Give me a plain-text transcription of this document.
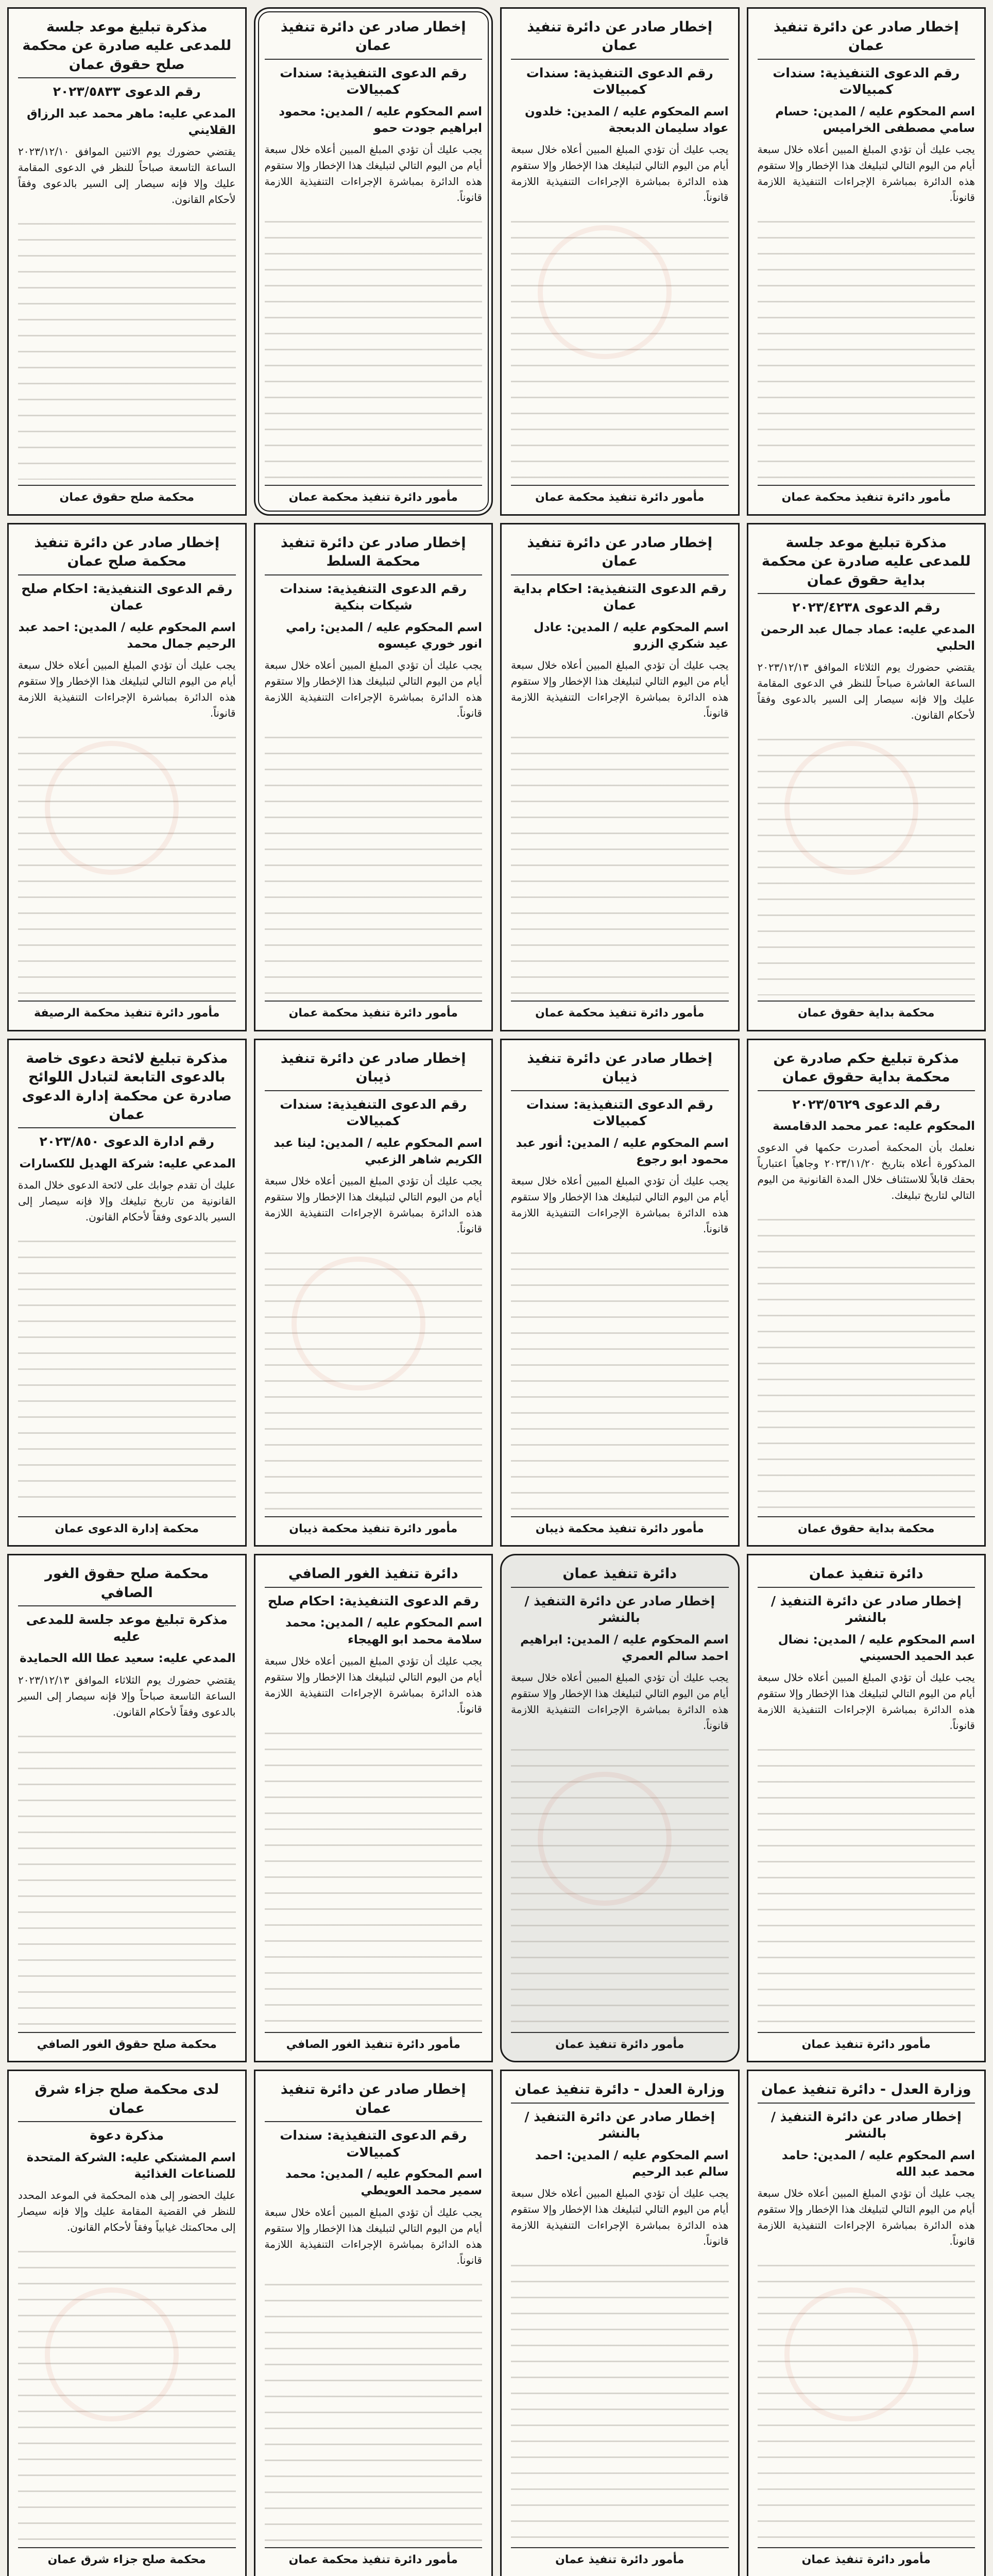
إخطار صادر عن دائرة تنفيذ عمان
رقم الدعوى التنفيذية: سندات كمبيالات
اسم المحكوم عليه / المدين: حسام سامي مصطفى الخراميس

يجب عليك أن تؤدي المبلغ المبين أعلاه خلال سبعة أيام من اليوم التالي لتبليغك هذا الإخطار وإلا ستقوم هذه الدائرة بمباشرة الإجراءات التنفيذية اللازمة قانوناً.

مأمور دائرة تنفيذ محكمة عمان
إخطار صادر عن دائرة تنفيذ عمان
رقم الدعوى التنفيذية: سندات كمبيالات
اسم المحكوم عليه / المدين: خلدون عواد سليمان الدبعجة

يجب عليك أن تؤدي المبلغ المبين أعلاه خلال سبعة أيام من اليوم التالي لتبليغك هذا الإخطار وإلا ستقوم هذه الدائرة بمباشرة الإجراءات التنفيذية اللازمة قانوناً.

مأمور دائرة تنفيذ محكمة عمان
إخطار صادر عن دائرة تنفيذ عمان
رقم الدعوى التنفيذية: سندات كمبيالات
اسم المحكوم عليه / المدين: محمود ابراهيم جودت حمو

يجب عليك أن تؤدي المبلغ المبين أعلاه خلال سبعة أيام من اليوم التالي لتبليغك هذا الإخطار وإلا ستقوم هذه الدائرة بمباشرة الإجراءات التنفيذية اللازمة قانوناً.

مأمور دائرة تنفيذ محكمة عمان
مذكرة تبليغ موعد جلسة للمدعى عليه صادرة عن محكمة صلح حقوق عمان
رقم الدعوى ٢٠٢٣/٥٨٣٣
المدعي عليه: ماهر محمد عبد الرزاق القلايني

يقتضي حضورك يوم الاثنين الموافق ٢٠٢٣/١٢/١٠ الساعة التاسعة صباحاً للنظر في الدعوى المقامة عليك وإلا فإنه سيصار إلى السير بالدعوى وفقاً لأحكام القانون.

محكمة صلح حقوق عمان
مذكرة تبليغ موعد جلسة للمدعى عليه صادرة عن محكمة بداية حقوق عمان
رقم الدعوى ٢٠٢٣/٤٢٣٨
المدعي عليه: عماد جمال عبد الرحمن الحلبي

يقتضي حضورك يوم الثلاثاء الموافق ٢٠٢٣/١٢/١٣ الساعة العاشرة صباحاً للنظر في الدعوى المقامة عليك وإلا فإنه سيصار إلى السير بالدعوى وفقاً لأحكام القانون.

محكمة بداية حقوق عمان
إخطار صادر عن دائرة تنفيذ عمان
رقم الدعوى التنفيذية: احكام بداية عمان
اسم المحكوم عليه / المدين: عادل عيد شكري الزرو

يجب عليك أن تؤدي المبلغ المبين أعلاه خلال سبعة أيام من اليوم التالي لتبليغك هذا الإخطار وإلا ستقوم هذه الدائرة بمباشرة الإجراءات التنفيذية اللازمة قانوناً.

مأمور دائرة تنفيذ محكمة عمان
إخطار صادر عن دائرة تنفيذ محكمة السلط
رقم الدعوى التنفيذية: سندات شيكات بنكية
اسم المحكوم عليه / المدين: رامي انور خوري عيسوه

يجب عليك أن تؤدي المبلغ المبين أعلاه خلال سبعة أيام من اليوم التالي لتبليغك هذا الإخطار وإلا ستقوم هذه الدائرة بمباشرة الإجراءات التنفيذية اللازمة قانوناً.

مأمور دائرة تنفيذ محكمة عمان
إخطار صادر عن دائرة تنفيذ محكمة صلح عمان
رقم الدعوى التنفيذية: احكام صلح عمان
اسم المحكوم عليه / المدين: احمد عبد الرحيم جمال محمد

يجب عليك أن تؤدي المبلغ المبين أعلاه خلال سبعة أيام من اليوم التالي لتبليغك هذا الإخطار وإلا ستقوم هذه الدائرة بمباشرة الإجراءات التنفيذية اللازمة قانوناً.

مأمور دائرة تنفيذ محكمة الرصيفة
مذكرة تبليغ حكم صادرة عن محكمة بداية حقوق عمان
رقم الدعوى ٢٠٢٣/٥٦٢٩
المحكوم عليه: عمر محمد الدقامسة

نعلمك بأن المحكمة أصدرت حكمها في الدعوى المذكورة أعلاه بتاريخ ٢٠٢٣/١١/٢٠ وجاهياً اعتبارياً بحقك قابلاً للاستئناف خلال المدة القانونية من اليوم التالي لتاريخ تبليغك.

محكمة بداية حقوق عمان
إخطار صادر عن دائرة تنفيذ ذيبان
رقم الدعوى التنفيذية: سندات كمبيالات
اسم المحكوم عليه / المدين: أنور عبد محمود ابو رجوع

يجب عليك أن تؤدي المبلغ المبين أعلاه خلال سبعة أيام من اليوم التالي لتبليغك هذا الإخطار وإلا ستقوم هذه الدائرة بمباشرة الإجراءات التنفيذية اللازمة قانوناً.

مأمور دائرة تنفيذ محكمة ذيبان
إخطار صادر عن دائرة تنفيذ ذيبان
رقم الدعوى التنفيذية: سندات كمبيالات
اسم المحكوم عليه / المدين: لينا عبد الكريم شاهر الزعبي

يجب عليك أن تؤدي المبلغ المبين أعلاه خلال سبعة أيام من اليوم التالي لتبليغك هذا الإخطار وإلا ستقوم هذه الدائرة بمباشرة الإجراءات التنفيذية اللازمة قانوناً.

مأمور دائرة تنفيذ محكمة ذيبان
مذكرة تبليغ لائحة دعوى خاصة بالدعوى التابعة لتبادل اللوائح صادرة عن محكمة إدارة الدعوى عمان
رقم ادارة الدعوى ٢٠٢٣/٨٥٠
المدعي عليه: شركة الهديل للكسارات

عليك أن تقدم جوابك على لائحة الدعوى خلال المدة القانونية من تاريخ تبليغك وإلا فإنه سيصار إلى السير بالدعوى وفقاً لأحكام القانون.

محكمة إدارة الدعوى عمان
دائرة تنفيذ عمان
إخطار صادر عن دائرة التنفيذ / بالنشر
اسم المحكوم عليه / المدين: نضال عبد الحميد الحسيني

يجب عليك أن تؤدي المبلغ المبين أعلاه خلال سبعة أيام من اليوم التالي لتبليغك هذا الإخطار وإلا ستقوم هذه الدائرة بمباشرة الإجراءات التنفيذية اللازمة قانوناً.

مأمور دائرة تنفيذ عمان
دائرة تنفيذ عمان
إخطار صادر عن دائرة التنفيذ / بالنشر
اسم المحكوم عليه / المدين: ابراهيم احمد سالم العمري

يجب عليك أن تؤدي المبلغ المبين أعلاه خلال سبعة أيام من اليوم التالي لتبليغك هذا الإخطار وإلا ستقوم هذه الدائرة بمباشرة الإجراءات التنفيذية اللازمة قانوناً.

مأمور دائرة تنفيذ عمان
دائرة تنفيذ الغور الصافي
رقم الدعوى التنفيذية: احكام صلح
اسم المحكوم عليه / المدين: محمد سلامة محمد ابو الهيجاء

يجب عليك أن تؤدي المبلغ المبين أعلاه خلال سبعة أيام من اليوم التالي لتبليغك هذا الإخطار وإلا ستقوم هذه الدائرة بمباشرة الإجراءات التنفيذية اللازمة قانوناً.

مأمور دائرة تنفيذ الغور الصافي
محكمة صلح حقوق الغور الصافي
مذكرة تبليغ موعد جلسة للمدعى عليه
المدعي عليه: سعيد عطا الله الحمايدة

يقتضي حضورك يوم الثلاثاء الموافق ٢٠٢٣/١٢/١٣ الساعة التاسعة صباحاً وإلا فإنه سيصار إلى السير بالدعوى وفقاً لأحكام القانون.

محكمة صلح حقوق الغور الصافي
وزارة العدل - دائرة تنفيذ عمان
إخطار صادر عن دائرة التنفيذ / بالنشر
اسم المحكوم عليه / المدين: حامد محمد عبد الله

يجب عليك أن تؤدي المبلغ المبين أعلاه خلال سبعة أيام من اليوم التالي لتبليغك هذا الإخطار وإلا ستقوم هذه الدائرة بمباشرة الإجراءات التنفيذية اللازمة قانوناً.

مأمور دائرة تنفيذ عمان
وزارة العدل - دائرة تنفيذ عمان
إخطار صادر عن دائرة التنفيذ / بالنشر
اسم المحكوم عليه / المدين: احمد سالم عبد الرحيم

يجب عليك أن تؤدي المبلغ المبين أعلاه خلال سبعة أيام من اليوم التالي لتبليغك هذا الإخطار وإلا ستقوم هذه الدائرة بمباشرة الإجراءات التنفيذية اللازمة قانوناً.

مأمور دائرة تنفيذ عمان
إخطار صادر عن دائرة تنفيذ عمان
رقم الدعوى التنفيذية: سندات كمبيالات
اسم المحكوم عليه / المدين: محمد سمير محمد العويطي

يجب عليك أن تؤدي المبلغ المبين أعلاه خلال سبعة أيام من اليوم التالي لتبليغك هذا الإخطار وإلا ستقوم هذه الدائرة بمباشرة الإجراءات التنفيذية اللازمة قانوناً.

مأمور دائرة تنفيذ محكمة عمان
لدى محكمة صلح جزاء شرق عمان
مذكرة دعوة
اسم المشتكي عليه: الشركة المتحدة للصناعات الغذائية

عليك الحضور إلى هذه المحكمة في الموعد المحدد للنظر في القضية المقامة عليك وإلا فإنه سيصار إلى محاكمتك غيابياً وفقاً لأحكام القانون.

محكمة صلح جزاء شرق عمان
